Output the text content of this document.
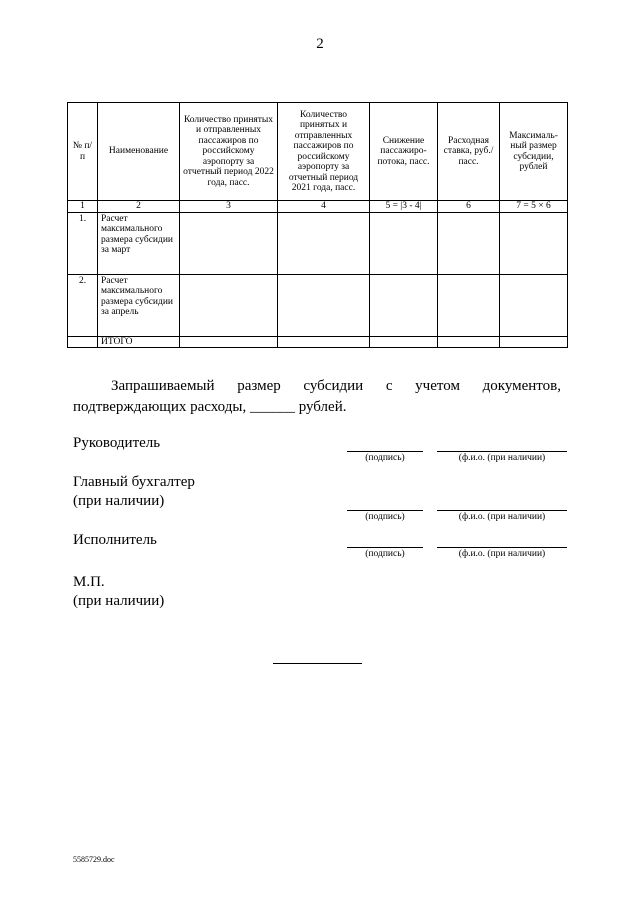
2
№ п/п	Наименование	Количество принятых и отправленных пассажиров по российскому аэропорту за отчетный период 2022 года, пасс.	Количество принятых и отправленных пассажиров по российскому аэропорту за отчетный период 2021 года, пасс.	Снижение пассажиро-потока, пасс.	Расходная ставка, руб./ пасс.	Максималь-ный размер субсидии, рублей
1	2	3	4	5 = |3 - 4|	6	7 = 5 × 6
1.	Расчет максимального размера субсидии за март					
2.	Расчет максимального размера субсидии за апрель					
	ИТОГО					
Запрашиваемый размер субсидии с учетом документов, подтверждающих расходы, ______ рублей.
Руководитель
(подпись)	(ф.и.о. (при наличии)
Главный бухгалтер
(при наличии)
(подпись)	(ф.и.о. (при наличии)
Исполнитель
(подпись)	(ф.и.о. (при наличии)
М.П.
(при наличии)
5585729.doc
